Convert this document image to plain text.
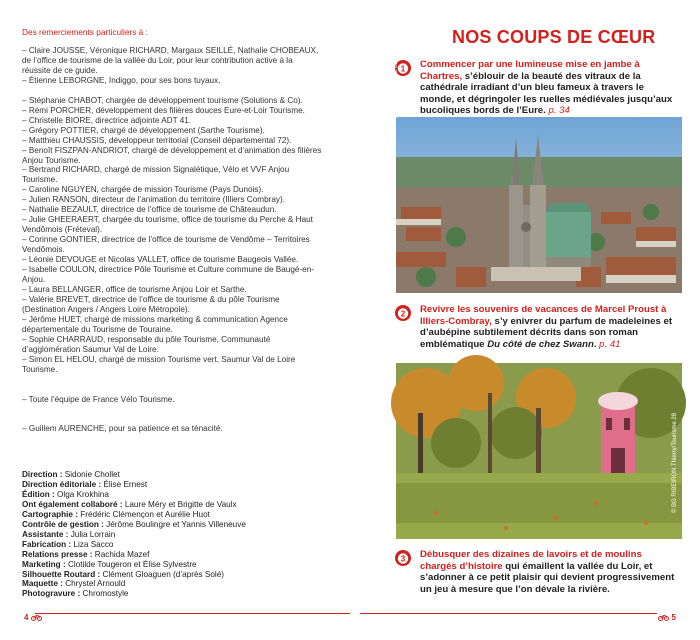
Des remerciements particuliers à :
– Claire JOUSSE, Véronique RICHARD, Margaux SEILLÉ, Nathalie CHOBEAUX, de l’office de tourisme de la vallée du Loir, pour leur contribution active à la réussite de ce guide.
– Étienne LEBORGNE, Indiggo, pour ses bons tuyaux.
– Stéphanie CHABOT, chargée de développement tourisme (Solutions & Co).
– Rémi PORCHER, développement des filières douces Eure-et-Loir Tourisme.
– Christelle BIORE, directrice adjointe ADT 41.
– Grégory POTTIER, chargé de développement (Sarthe Tourisme).
– Matthieu CHAUSSIS, développeur territorial (Conseil départemental 72).
– Benoît FISZPAN-ANDRIOT, chargé de développement et d’animation des filières Anjou Tourisme.
– Bertrand RICHARD, chargé de mission Signalétique, Vélo et VVF Anjou Tourisme.
– Caroline NGUYEN, chargée de mission Tourisme (Pays Dunois).
– Julien RANSON, directeur de l’animation du territoire (Illiers Combray).
– Nathalie BEZAULT, directrice de l’office de tourisme de Châteaudun.
– Julie GHEERAERT, chargée du tourisme, office de tourisme du Perche & Haut Vendômois (Fréteval).
– Corinne GONTIER, directrice de l’office de tourisme de Vendôme – Territoires Vendômois.
– Léonie DEVOUGE et Nicolas VALLET, office de tourisme Baugeois Vallée.
– Isabelle COULON, directrice Pôle Tourisme et Culture commune de Baugé-en-Anjou.
– Laura BELLANGER, office de tourisme Anjou Loir et Sarthe.
– Valérie BREVET, directrice de l’office de tourisme & du pôle Tourisme (Destination Angers / Angers Loire Métropole).
– Jérôme HUET, chargé de missions marketing & communication Agence départementale du Tourisme de Touraine.
– Sophie CHARRAUD, responsable du pôle Tourisme, Communauté d’agglomération Saumur Val de Loire.
– Simon EL HELOU, chargé de mission Tourisme vert, Saumur Val de Loire Tourisme.
– Toute l’équipe de France Vélo Tourisme.
– Guillem AURENCHE, pour sa patience et sa ténacité.
Direction : Sidonie Chollet
Direction éditoriale : Élise Ernest
Édition : Olga Krokhina
Ont également collaboré : Laure Méry et Brigitte de Vaulx
Cartographie : Frédéric Clémençon et Aurélie Huot
Contrôle de gestion : Jérôme Boulingre et Yannis Villeneuve
Assistante : Julia Lorrain
Fabrication : Liza Sacco
Relations presse : Rachida Mazef
Marketing : Clotilde Tougeron et Élise Sylvestre
Silhouette Routard : Clément Gloaguen (d’après Solé)
Maquette : Chrystel Arnould
Photogravure : Chromostyle
4
NOS COUPS DE CŒUR
1 Commencer par une lumineuse mise en jambe à Chartres, s’éblouir de la beauté des vitraux de la cathédrale irradiant d’un bleu fameux à travers le monde, et dégringoler les ruelles médiévales jusqu’aux bucoliques bords de l’Eure. p. 34
© JEAN-PIERRE LESCOURRET
2 Revivre les souvenirs de vacances de Marcel Proust à Illiers-Combray, s’y enivrer du parfum de madeleines et d’aubépine subtilement décrits dans son roman emblématique Du côté de chez Swann. p. 41
© BG RIBEIRON Thierry/Tourisme 28
3 Débusquer des dizaines de lavoirs et de moulins chargés d’histoire qui émaillent la vallée du Loir, et s’adonner à ce petit plaisir qui devient progressivement un jeu à mesure que l’on dévale la rivière.
5
